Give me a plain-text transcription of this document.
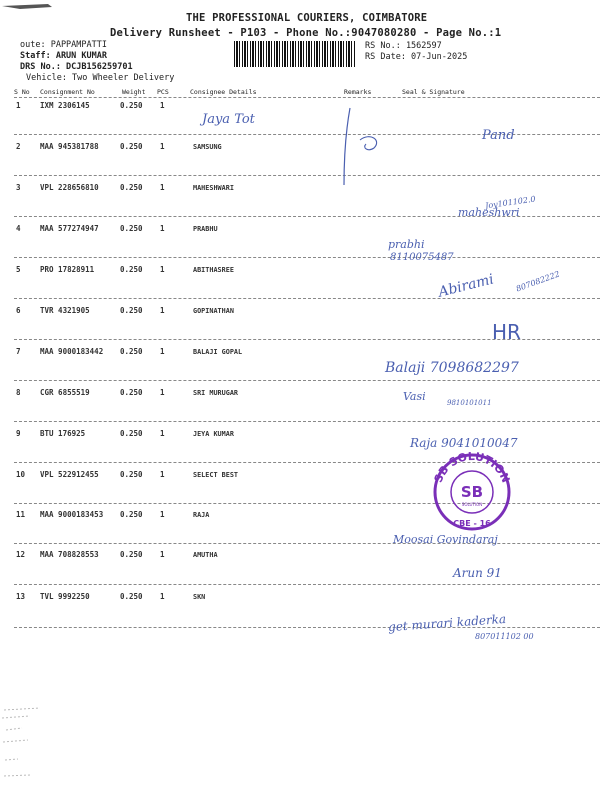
THE PROFESSIONAL COURIERS, COIMBATORE
Delivery Runsheet - P103 - Phone No.:9047080280 - Page No.:1
oute: PAPPAMPATTI
Staff: ARUN KUMAR
DRS No.: DCJB156259701
Vehicle: Two Wheeler Delivery
RS No.: 1562597
RS Date: 07-Jun-2025
S No Consignment No	Weight PCS	Consignee Details	Remarks	Seal & Signature
1	IXM 2306145	0.250 1
2	MAA 945381788	0.250 1	SAMSUNG
3	VPL 228656810	0.250 1	MAHESHWARI
4	MAA 577274947	0.250 1	PRABHU
5	PRO 17828911	0.250 1	ABITHASREE
6	TVR 4321905	0.250 1	GOPINATHAN
7	MAA 9000183442 0.250 1	BALAJI GOPAL
8	CGR 6855519	0.250 1	SRI MURUGAR
9	BTU 176925	0.250 1	JEYA KUMAR
10 VPL 522912455	0.250 1	SELECT BEST
11 MAA 9000183453 0.250 1	RAJA
12 MAA 708828553	0.250 1	AMUTHA
13 TVL 9992250	0.250 1	SKN
Jaya Tot
Pand
maheshwri
Joy101102.0
prabhi
8110075487
Abirami 807082222
HR
Balaji 7098682297
Vasi	9810101011
Raja 9041010047
Moosai Govindaraj
Arun 91
get murari kaderka
807011102 00
SB SOLUTION
SB
SOLUTION
CBE - 16
